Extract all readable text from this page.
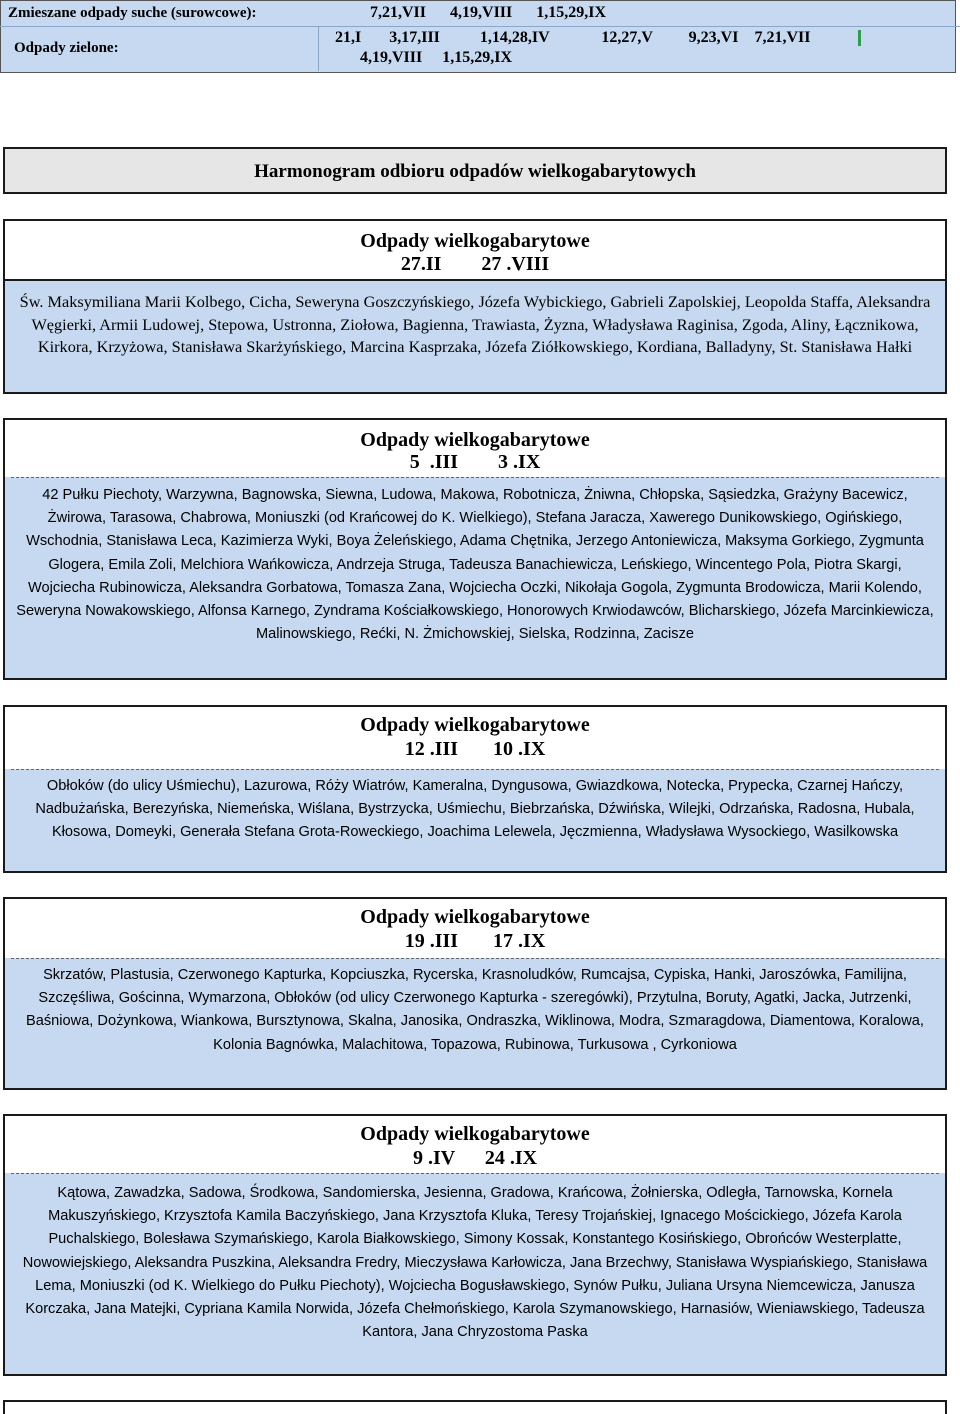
Zmieszane odpady suche (surowcowe):	7,21,VII      4,19,VIII      1,15,29,IX
Odpady zielone:
21,I       3,17,III          1,14,28,IV             12,27,V         9,23,VI    7,21,VII
4,19,VIII     1,15,29,IX
Harmonogram odbioru odpadów wielkogabarytowych
Odpady wielkogabarytowe
27.II        27 .VIII
Św. Maksymiliana Marii Kolbego, Cicha, Seweryna Goszczyńskiego, Józefa Wybickiego, Gabrieli Zapolskiej, Leopolda Staffa, Aleksandra Węgierki, Armii Ludowej, Stepowa, Ustronna, Ziołowa, Bagienna, Trawiasta, Żyzna, Władysława Raginisa, Zgoda, Aliny, Łącznikowa, Kirkora, Krzyżowa, Stanisława Skarżyńskiego, Marcina Kasprzaka, Józefa Ziółkowskiego, Kordiana, Balladyny, St. Stanisława Hałki
Odpady wielkogabarytowe
5  .III        3 .IX
42 Pułku Piechoty, Warzywna, Bagnowska, Siewna, Ludowa, Makowa, Robotnicza, Żniwna, Chłopska, Sąsiedzka, Grażyny Bacewicz, Żwirowa, Tarasowa, Chabrowa, Moniuszki (od Krańcowej do K. Wielkiego), Stefana Jaracza, Xawerego Dunikowskiego, Ogińskiego, Wschodnia, Stanisława Leca, Kazimierza Wyki, Boya Żeleńskiego, Adama Chętnika, Jerzego Antoniewicza, Maksyma Gorkiego, Zygmunta Glogera, Emila Zoli, Melchiora Wańkowicza, Andrzeja Struga, Tadeusza Banachiewicza, Leńskiego, Wincentego Pola, Piotra Skargi, Wojciecha Rubinowicza, Aleksandra Gorbatowa, Tomasza Zana, Wojciecha Oczki, Nikołaja Gogola, Zygmunta Brodowicza, Marii Kolendo, Seweryna Nowakowskiego, Alfonsa Karnego, Zyndrama Kościałkowskiego, Honorowych Krwiodawców, Blicharskiego, Józefa Marcinkiewicza, Malinowskiego, Rećki, N. Żmichowskiej, Sielska, Rodzinna, Zacisze
Odpady wielkogabarytowe
12 .III       10 .IX
Obłoków (do ulicy Uśmiechu), Lazurowa, Róży Wiatrów, Kameralna, Dyngusowa, Gwiazdkowa, Notecka, Prypecka, Czarnej Hańczy, Nadbużańska, Berezyńska, Niemeńska, Wiślana, Bystrzycka, Uśmiechu, Biebrzańska, Dźwińska, Wilejki, Odrzańska, Radosna, Hubala, Kłosowa, Domeyki, Generała Stefana Grota-Roweckiego, Joachima Lelewela, Jęczmienna, Władysława Wysockiego, Wasilkowska
Odpady wielkogabarytowe
19 .III       17 .IX
Skrzatów, Plastusia, Czerwonego Kapturka, Kopciuszka, Rycerska, Krasnoludków, Rumcajsa, Cypiska, Hanki, Jaroszówka, Familijna, Szczęśliwa, Gościnna, Wymarzona, Obłoków (od ulicy Czerwonego Kapturka - szeregówki), Przytulna, Boruty, Agatki, Jacka, Jutrzenki, Baśniowa, Dożynkowa, Wiankowa, Bursztynowa, Skalna, Janosika, Ondraszka, Wiklinowa, Modra, Szmaragdowa, Diamentowa, Koralowa, Kolonia Bagnówka, Malachitowa, Topazowa, Rubinowa, Turkusowa , Cyrkoniowa
Odpady wielkogabarytowe
9 .IV      24 .IX
Kątowa, Zawadzka, Sadowa, Środkowa, Sandomierska, Jesienna, Gradowa, Krańcowa, Żołnierska, Odległa, Tarnowska, Kornela Makuszyńskiego, Krzysztofa Kamila Baczyńskiego, Jana Krzysztofa Kluka, Teresy Trojańskiej, Ignacego Mościckiego, Józefa Karola Puchalskiego, Bolesława Szymańskiego, Karola Białkowskiego, Simony Kossak, Konstantego Kosińskiego, Obrońców Westerplatte, Nowowiejskiego, Aleksandra Puszkina, Aleksandra Fredry, Mieczysława Karłowicza, Jana Brzechwy, Stanisława Wyspiańskiego, Stanisława Lema, Moniuszki (od K. Wielkiego do Pułku Piechoty), Wojciecha Bogusławskiego, Synów Pułku, Juliana Ursyna Niemcewicza, Janusza Korczaka, Jana Matejki, Cypriana Kamila Norwida, Józefa Chełmońskiego, Karola Szymanowskiego, Harnasiów, Wieniawskiego, Tadeusza Kantora, Jana Chryzostoma Paska
